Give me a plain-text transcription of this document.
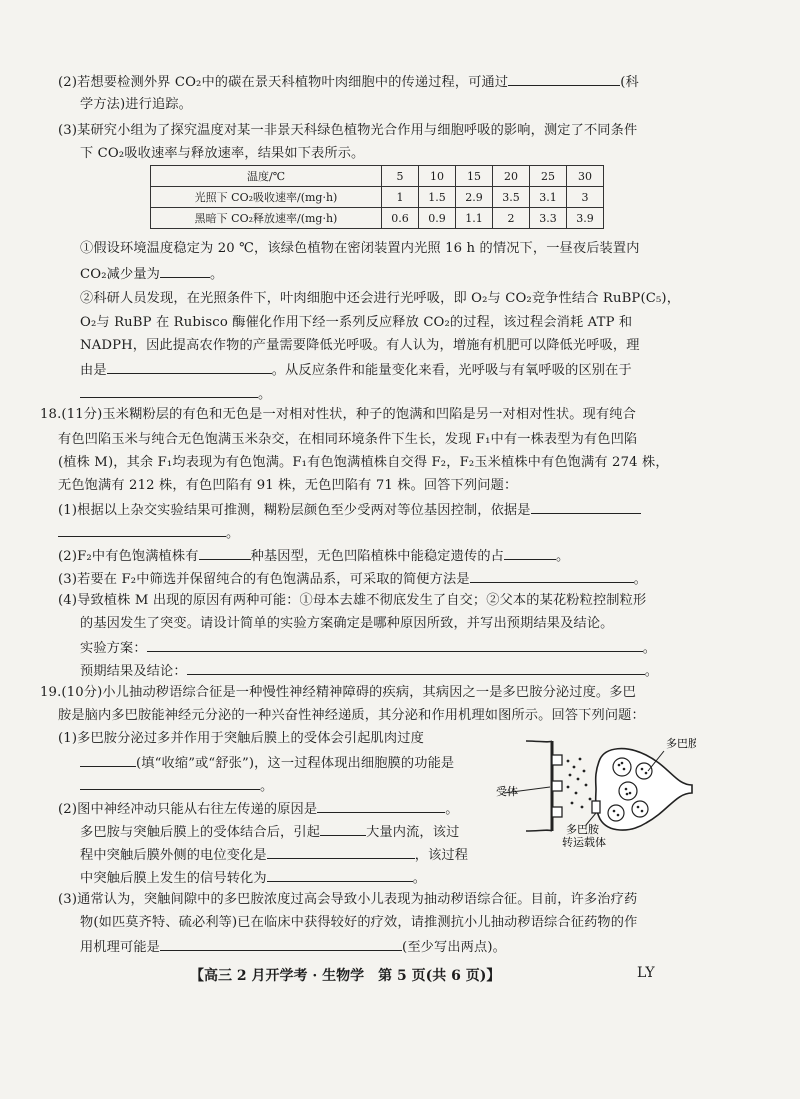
(2)若想要检测外界 CO₂中的碳在景天科植物叶肉细胞中的传递过程，可通过	(科
学方法)进行追踪。
(3)某研究小组为了探究温度对某一非景天科绿色植物光合作用与细胞呼吸的影响，测定了不同条件
下 CO₂吸收速率与释放速率，结果如下表所示。
温度/℃	5	10	15	20	25	30
光照下 CO₂吸收速率/(mg·h)	1	1.5	2.9	3.5	3.1	3
黑暗下 CO₂释放速率/(mg·h)	0.6	0.9	1.1	2	3.3	3.9
①假设环境温度稳定为 20 ℃，该绿色植物在密闭装置内光照 16 h 的情况下，一昼夜后装置内
CO₂减少量为	。
②科研人员发现，在光照条件下，叶肉细胞中还会进行光呼吸，即 O₂与 CO₂竞争性结合 RuBP(C₅)，
O₂与 RuBP 在 Rubisco 酶催化作用下经一系列反应释放 CO₂的过程，该过程会消耗 ATP 和
NADPH，因此提高农作物的产量需要降低光呼吸。有人认为，增施有机肥可以降低光呼吸，理
由是	。从反应条件和能量变化来看，光呼吸与有氧呼吸的区别在于
。
18.(11分)玉米糊粉层的有色和无色是一对相对性状，种子的饱满和凹陷是另一对相对性状。现有纯合
有色凹陷玉米与纯合无色饱满玉米杂交，在相同环境条件下生长，发现 F₁中有一株表型为有色凹陷
(植株 M)，其余 F₁均表现为有色饱满。F₁有色饱满植株自交得 F₂，F₂玉米植株中有色饱满有 274 株，
无色饱满有 212 株，有色凹陷有 91 株，无色凹陷有 71 株。回答下列问题：
(1)根据以上杂交实验结果可推测，糊粉层颜色至少受两对等位基因控制，依据是
。
(2)F₂中有色饱满植株有	种基因型，无色凹陷植株中能稳定遗传的占	。
(3)若要在 F₂中筛选并保留纯合的有色饱满品系，可采取的简便方法是	。
(4)导致植株 M 出现的原因有两种可能：①母本去雄不彻底发生了自交；②父本的某花粉粒控制粒形
的基因发生了突变。请设计简单的实验方案确定是哪种原因所致，并写出预期结果及结论。
实验方案：	。
预期结果及结论：	。
19.(10分)小儿抽动秽语综合征是一种慢性神经精神障碍的疾病，其病因之一是多巴胺分泌过度。多巴
胺是脑内多巴胺能神经元分泌的一种兴奋性神经递质，其分泌和作用机理如图所示。回答下列问题：
(1)多巴胺分泌过多并作用于突触后膜上的受体会引起肌肉过度
(填“收缩”或“舒张”)，这一过程体现出细胞膜的功能是
。
(2)图中神经冲动只能从右往左传递的原因是	。
多巴胺与突触后膜上的受体结合后，引起	大量内流，该过
程中突触后膜外侧的电位变化是	，该过程
中突触后膜上发生的信号转化为	。
(3)通常认为，突触间隙中的多巴胺浓度过高会导致小儿表现为抽动秽语综合征。目前，许多治疗药
物(如匹莫齐特、硫必利等)已在临床中获得较好的疗效，请推测抗小儿抽动秽语综合征药物的作
用机理可能是	(至少写出两点)。
多巴胺
受体
多巴胺
转运载体
【高三 2 月开学考 · 生物学　第 5 页(共 6 页)】	LY
